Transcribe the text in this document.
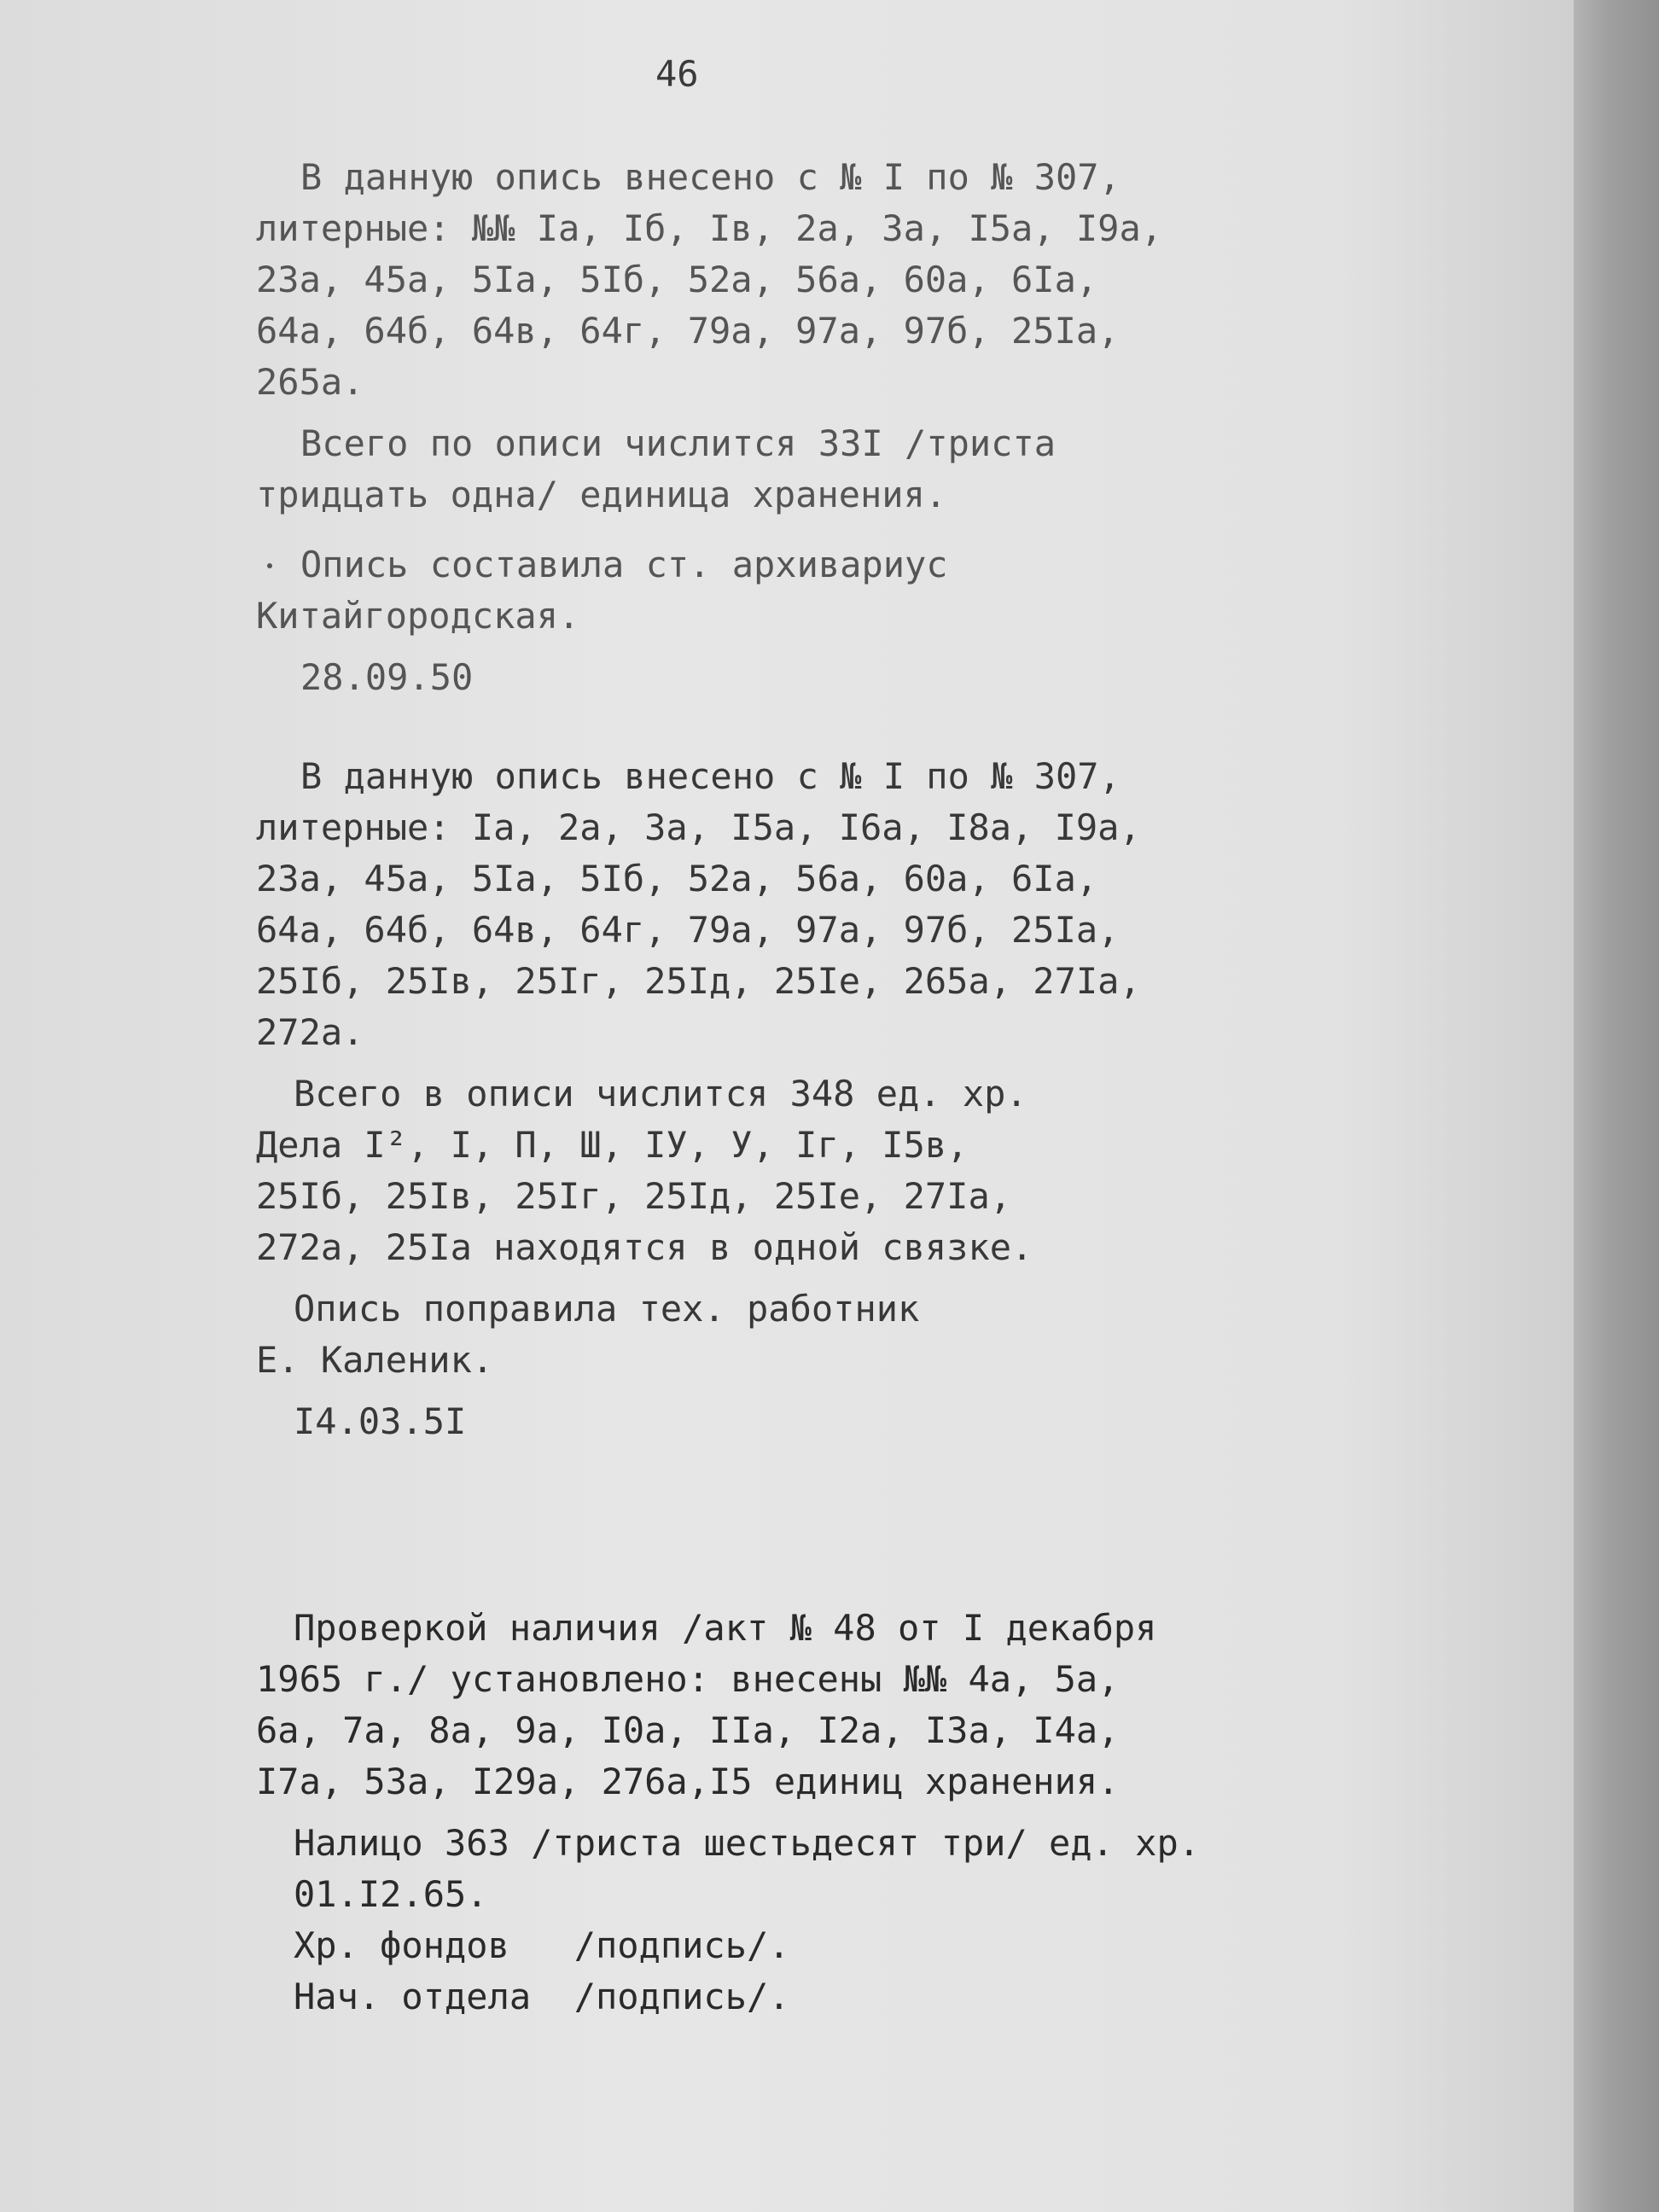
46
В данную опись внесено с № I по № 307,
литерные: №№ Iа, Iб, Iв, 2а, 3а, I5а, I9а,
23а, 45а, 5Iа, 5Iб, 52а, 56а, 60а, 6Iа,
64а, 64б, 64в, 64г, 79а, 97а, 97б, 25Iа,
265а.
Всего по описи числится 33I /триста
тридцать одна/ единица хранения.
Опись составила ст. архивариус
Китайгородская.
28.09.50
В данную опись внесено с № I по № 307,
литерные: Iа, 2а, 3а, I5а, I6а, I8а, I9а,
23а, 45а, 5Iа, 5Iб, 52а, 56а, 60а, 6Iа,
64а, 64б, 64в, 64г, 79а, 97а, 97б, 25Iа,
25Iб, 25Iв, 25Iг, 25Iд, 25Iе, 265а, 27Iа,
272а.
Всего в описи числится 348 ед. хр.
Дела I², I, П, Ш, IУ, У, Iг, I5в,
25Iб, 25Iв, 25Iг, 25Iд, 25Iе, 27Iа,
272а, 25Iа находятся в одной связке.
Опись поправила тех. работник
Е. Каленик.
I4.03.5I
Проверкой наличия /акт № 48 от I декабря
1965 г./ установлено: внесены №№ 4а, 5а,
6а, 7а, 8а, 9а, I0а, IIа, I2а, I3а, I4а,
I7а, 53а, I29а, 276а,I5 единиц хранения.
Налицо 363 /триста шестьдесят три/ ед. хр.
01.I2.65.
Хр. фондов   /подпись/.
Нач. отдела  /подпись/.
